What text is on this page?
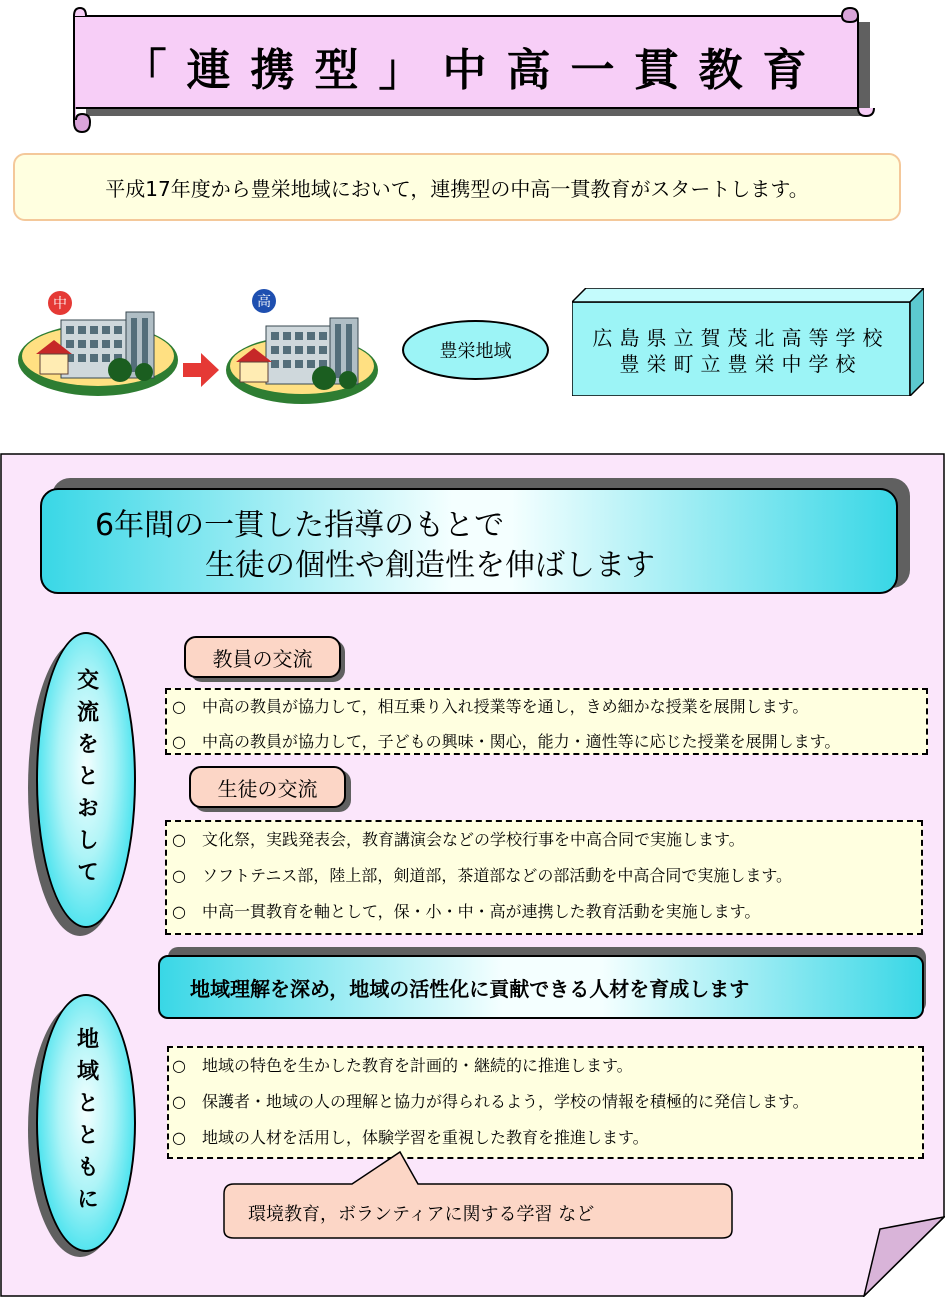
「連携型」中高一貫教育
平成17年度から豊栄地域において，連携型の中高一貫教育がスタートします。
中	高
豊栄地域
広島県立賀茂北高等学校
豊栄町立豊栄中学校
6年間の一貫した指導のもとで
生徒の個性や創造性を伸ばします
交流をとおして
教員の交流
○　中高の教員が協力して，相互乗り入れ授業等を通し，きめ細かな授業を展開します。
○　中高の教員が協力して，子どもの興味・関心，能力・適性等に応じた授業を展開します。
生徒の交流
○　文化祭，実践発表会，教育講演会などの学校行事を中高合同で実施します。
○　ソフトテニス部，陸上部，剣道部，茶道部などの部活動を中高合同で実施します。
○　中高一貫教育を軸として，保・小・中・高が連携した教育活動を実施します。
地域理解を深め，地域の活性化に貢献できる人材を育成します
地域とともに	○　地域の特色を生かした教育を計画的・継続的に推進します。
○　保護者・地域の人の理解と協力が得られるよう，学校の情報を積極的に発信します。
○　地域の人材を活用し，体験学習を重視した教育を推進します。
環境教育，ボランティアに関する学習 など
